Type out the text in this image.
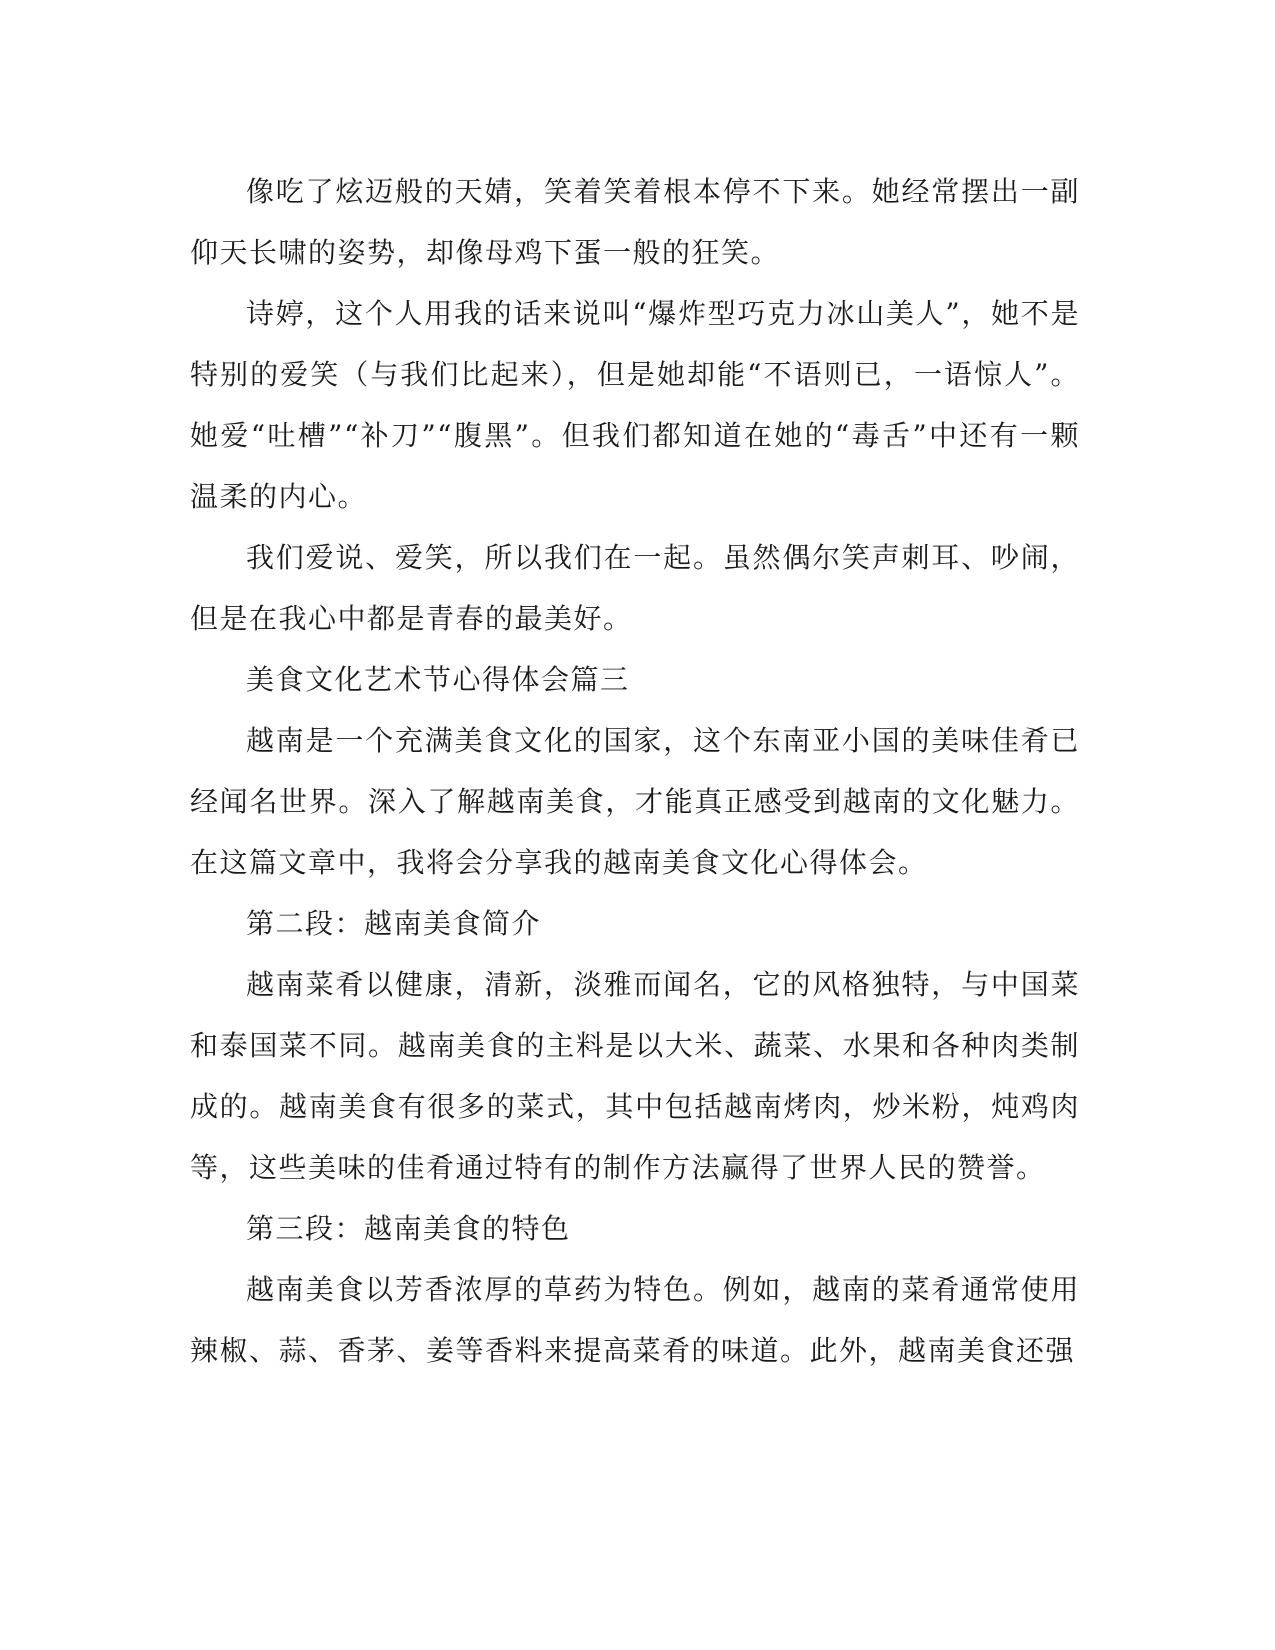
像吃了炫迈般的天婧，笑着笑着根本停不下来。她经常摆出一副仰天长啸的姿势，却像母鸡下蛋一般的狂笑。

诗婷，这个人用我的话来说叫“爆炸型巧克力冰山美人”，她不是特别的爱笑（与我们比起来），但是她却能“不语则已，一语惊人”。她爱“吐槽”“补刀”“腹黑”。但我们都知道在她的“毒舌”中还有一颗温柔的内心。

我们爱说、爱笑，所以我们在一起。虽然偶尔笑声刺耳、吵闹，但是在我心中都是青春的最美好。

美食文化艺术节心得体会篇三

越南是一个充满美食文化的国家，这个东南亚小国的美味佳肴已经闻名世界。深入了解越南美食，才能真正感受到越南的文化魅力。在这篇文章中，我将会分享我的越南美食文化心得体会。

第二段：越南美食简介

越南菜肴以健康，清新，淡雅而闻名，它的风格独特，与中国菜和泰国菜不同。越南美食的主料是以大米、蔬菜、水果和各种肉类制成的。越南美食有很多的菜式，其中包括越南烤肉，炒米粉，炖鸡肉等，这些美味的佳肴通过特有的制作方法赢得了世界人民的赞誉。

第三段：越南美食的特色

越南美食以芳香浓厚的草药为特色。例如，越南的菜肴通常使用辣椒、蒜、香茅、姜等香料来提高菜肴的味道。此外，越南美食还强
